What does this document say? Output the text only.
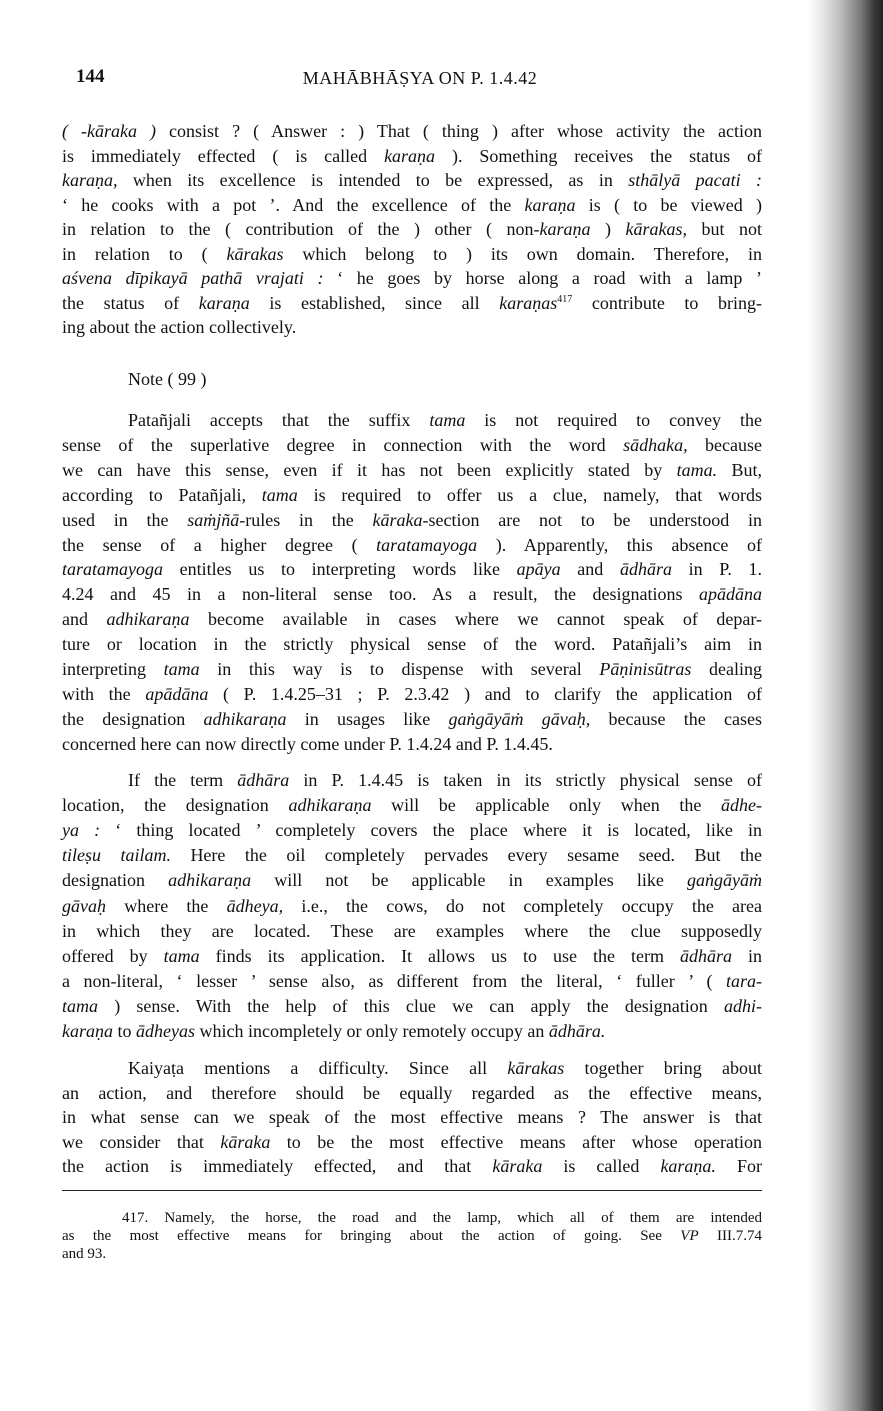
144	MAHĀBHĀṢYA ON P. 1.4.42
Note ( 99 )
( -kāraka ) consist ? ( Answer : ) That ( thing ) after whose activity the action
is immediately effected ( is called karaṇa ). Something receives the status of
karaṇa, when its excellence is intended to be expressed, as in sthālyā pacati :
‘ he cooks with a pot ’. And the excellence of the karaṇa is ( to be viewed )
in relation to the ( contribution of the ) other ( non-karaṇa ) kārakas, but not
in relation to ( kārakas which belong to ) its own domain. Therefore, in
aśvena dīpikayā pathā vrajati : ‘ he goes by horse along a road with a lamp ’
the status of karaṇa is established, since all karaṇas$^{417}$ contribute to bring-
ing about the action collectively.
Patañjali accepts that the suffix tama is not required to convey the
sense of the superlative degree in connection with the word sādhaka, because
we can have this sense, even if it has not been explicitly stated by tama. But,
according to Patañjali, tama is required to offer us a clue, namely, that words
used in the saṁjñā-rules in the kāraka-section are not to be understood in
the sense of a higher degree ( taratamayoga ). Apparently, this absence of
taratamayoga entitles us to interpreting words like apāya and ādhāra in P. 1.
4.24 and 45 in a non-literal sense too. As a result, the designations apādāna
and adhikaraṇa become available in cases where we cannot speak of depar-
ture or location in the strictly physical sense of the word. Patañjali’s aim in
interpreting tama in this way is to dispense with several Pāṇinisūtras dealing
with the apādāna ( P. 1.4.25–31 ; P. 2.3.42 ) and to clarify the application of
the designation adhikaraṇa in usages like gaṅgāyāṁ gāvaḥ, because the cases
concerned here can now directly come under P. 1.4.24 and P. 1.4.45.
If the term ādhāra in P. 1.4.45 is taken in its strictly physical sense of
location, the designation adhikaraṇa will be applicable only when the ādhe-
ya : ‘ thing located ’ completely covers the place where it is located, like in
tileṣu tailam. Here the oil completely pervades every sesame seed. But the
designation adhikaraṇa will not be applicable in examples like gaṅgāyāṁ
gāvaḥ where the ādheya, i.e., the cows, do not completely occupy the area
in which they are located. These are examples where the clue supposedly
offered by tama finds its application. It allows us to use the term ādhāra in
a non-literal, ‘ lesser ’ sense also, as different from the literal, ‘ fuller ’ ( tara-
tama ) sense. With the help of this clue we can apply the designation adhi-
karaṇa to ādheyas which incompletely or only remotely occupy an ādhāra.
Kaiyaṭa mentions a difficulty. Since all kārakas together bring about
an action, and therefore should be equally regarded as the effective means,
in what sense can we speak of the most effective means ? The answer is that
we consider that kāraka to be the most effective means after whose operation
the action is immediately effected, and that kāraka is called karaṇa. For
417. Namely, the horse, the road and the lamp, which all of them are intended
as the most effective means for bringing about the action of going. See VP III.7.74
and 93.
